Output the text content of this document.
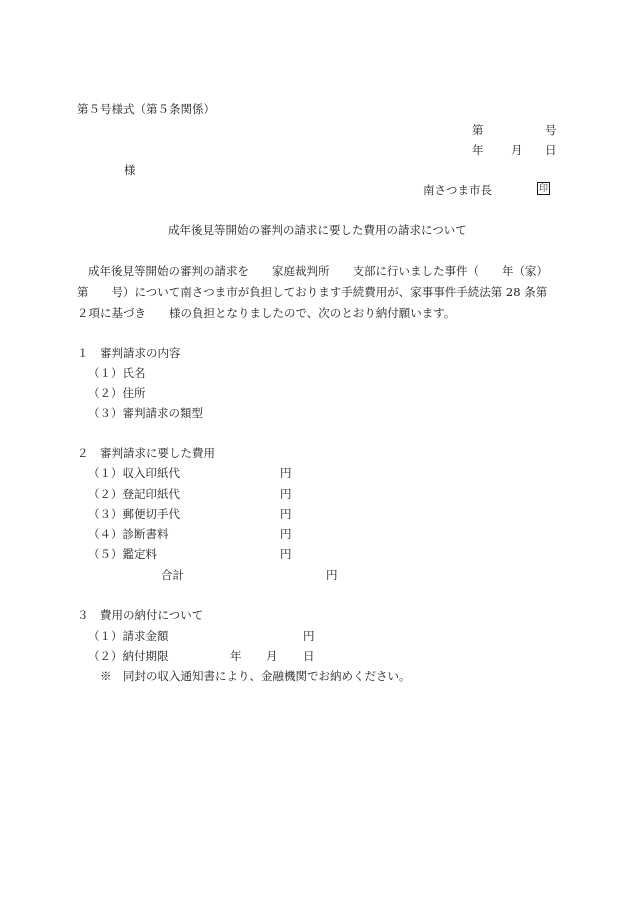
第５号様式（第５条関係）
第	号
年 月 日
様
南さつま市長	印
成年後見等開始の審判の請求に要した費用の請求について
成年後見等開始の審判の請求を　　家庭裁判所　　支部に行いました事件（　　年（家）
第　　号）について南さつま市が負担しております手続費用が、家事事件手続法第 28 条第
２項に基づき　　様の負担となりましたので、次のとおり納付願います。
１　審判請求の内容
（１）氏名
（２）住所
（３）審判請求の類型
２　審判請求に要した費用
（１）収入印紙代	円
（２）登記印紙代	円
（３）郵便切手代	円
（４）診断書料	円
（５）鑑定料	円
合計	円
３　費用の納付について
（１）請求金額	円
（２）納付期限	年 月 日
※　同封の収入通知書により、金融機関でお納めください。
